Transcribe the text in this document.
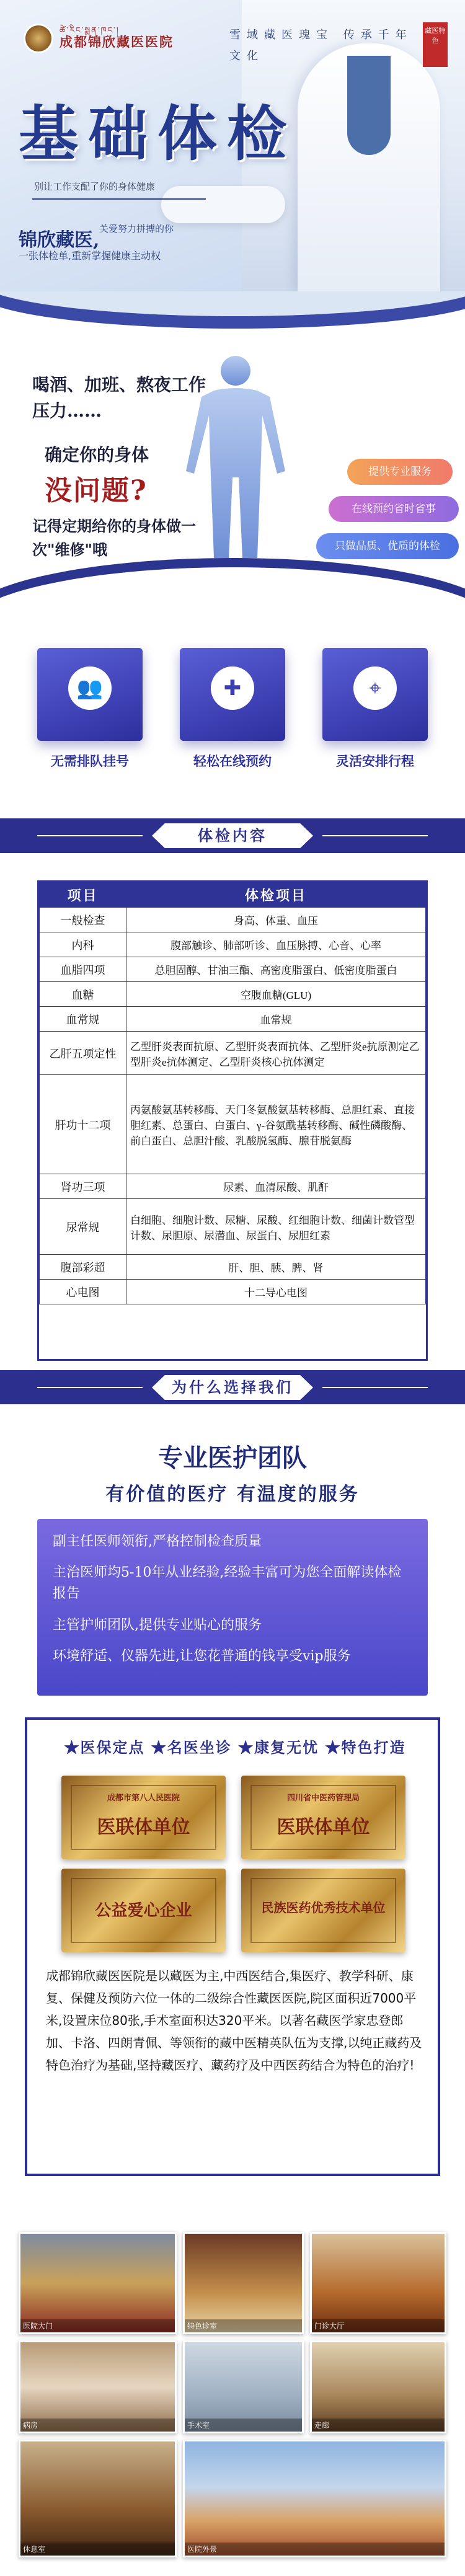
ཚེ་རིང་སྨན་ཁང་།
成都锦欣藏医医院	雪域藏医瑰宝 传承千年文化
藏医特色
基础体检
别让工作支配了你的身体健康
锦欣藏医,
关爱努力拼搏的你
一张体检单,重新掌握健康主动权
喝酒、加班、熬夜工作压力……
确定你的身体
没问题?
记得定期给你的身体做一次"维修"哦
提供专业服务
在线预约省时省事
只做品质、优质的体检
👥
无需排队挂号
✚
轻松在线预约
⌖
灵活安排行程
体检内容
项目	体检项目
一般检查	身高、体重、血压
内科	腹部触诊、肺部听诊、血压脉搏、心音、心率
血脂四项	总胆固醇、甘油三酯、高密度脂蛋白、低密度脂蛋白
血糖	空腹血糖(GLU)
血常规	血常规
乙肝五项定性	乙型肝炎表面抗原、乙型肝炎表面抗体、乙型肝炎e抗原测定乙型肝炎e抗体测定、乙型肝炎核心抗体测定
肝功十二项	丙氨酸氨基转移酶、天门冬氨酸氨基转移酶、总胆红素、直接胆红素、总蛋白、白蛋白、γ-谷氨酰基转移酶、碱性磷酸酶、前白蛋白、总胆汁酸、乳酸脱氢酶、腺苷脱氨酶
肾功三项	尿素、血清尿酸、肌酐
尿常规	白细胞、细胞计数、尿糖、尿酸、红细胞计数、细菌计数管型计数、尿胆原、尿潜血、尿蛋白、尿胆红素
腹部彩超	肝、胆、胰、脾、肾
心电图	十二导心电图
为什么选择我们
专业医护团队
有价值的医疗 有温度的服务
副主任医师领衔,严格控制检查质量
主治医师均5-10年从业经验,经验丰富可为您全面解读体检报告
主管护师团队,提供专业贴心的服务
环境舒适、仪器先进,让您花普通的钱享受vip服务
★医保定点 ★名医坐诊 ★康复无忧 ★特色打造
成都市第八人民医院
医联体单位
四川省中医药管理局
医联体单位
公益爱心企业	民族医药优秀技术单位
成都锦欣藏医医院是以藏医为主,中西医结合,集医疗、教学科研、康复、保健及预防六位一体的二级综合性藏医医院,院区面积近7000平米,设置床位80张,手术室面积达320平米。以著名藏医学家忠登郎加、卡洛、四朗青佩、等领衔的藏中医精英队伍为支撑,以纯正藏药及特色治疗为基础,坚持藏医疗、藏药疗及中西医药结合为特色的治疗!
医院大门	特色诊室	门诊大厅
病房	手术室	走廊
休息室	医院外景
